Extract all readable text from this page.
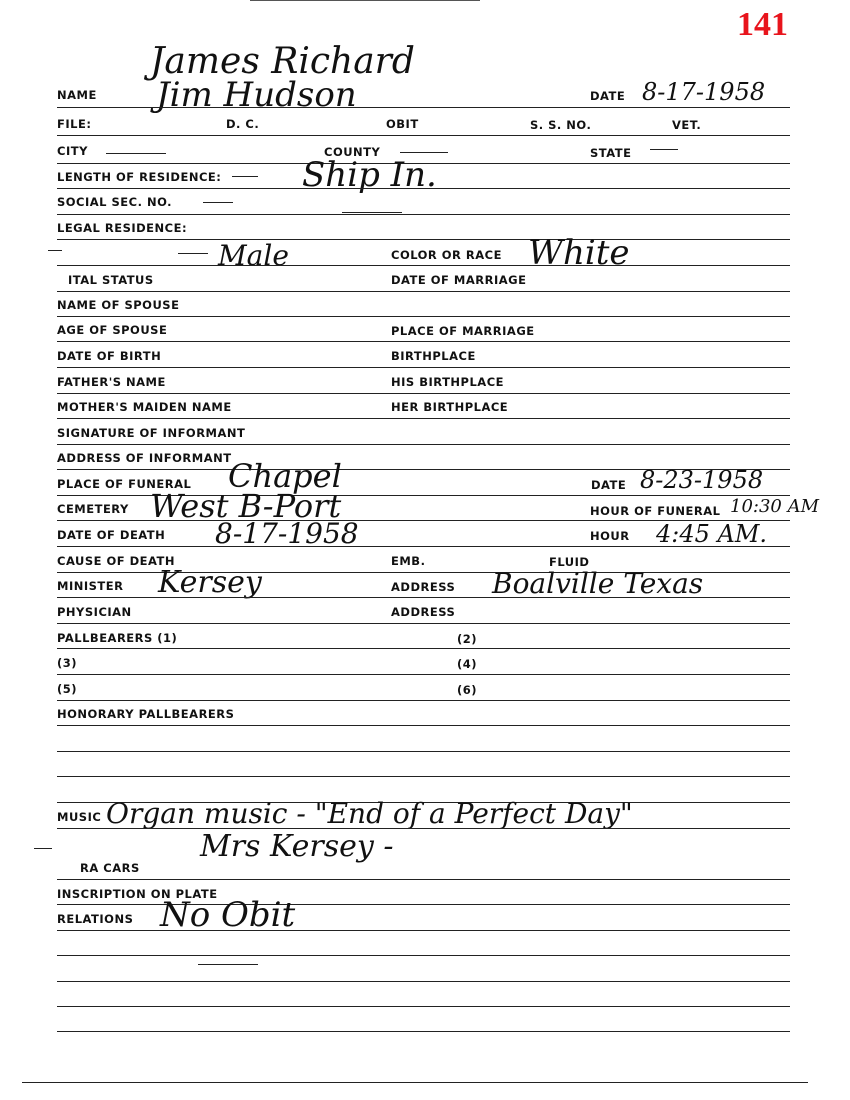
141
James Richard
Jim Hudson
NAME	DATE 8-17-1958
FILE:	D. C.	OBIT	S. S. NO.	VET.
CITY	COUNTY	STATE
LENGTH OF RESIDENCE: Ship In.
SOCIAL SEC. NO.
LEGAL RESIDENCE:
Male	COLOR OR RACE White
ITAL STATUS	DATE OF MARRIAGE
NAME OF SPOUSE
AGE OF SPOUSE	PLACE OF MARRIAGE
DATE OF BIRTH	BIRTHPLACE
FATHER'S NAME	HIS BIRTHPLACE
MOTHER'S MAIDEN NAME	HER BIRTHPLACE
SIGNATURE OF INFORMANT
ADDRESS OF INFORMANT
PLACE OF FUNERAL Chapel	DATE 8-23-1958
CEMETERY West B-Port	HOUR OF FUNERAL 10:30 AM
DATE OF DEATH 8-17-1958	HOUR 4:45 AM.
CAUSE OF DEATH	EMB.	FLUID
MINISTER Kersey	ADDRESS Boalville Texas
PHYSICIAN	ADDRESS
PALLBEARERS (1)	(2)
(3)	(4)
(5)	(6)
HONORARY PALLBEARERS
MUSIC Organ music - "End of a Perfect Day"
Mrs Kersey -
RA CARS
INSCRIPTION ON PLATE
RELATIONS No Obit
